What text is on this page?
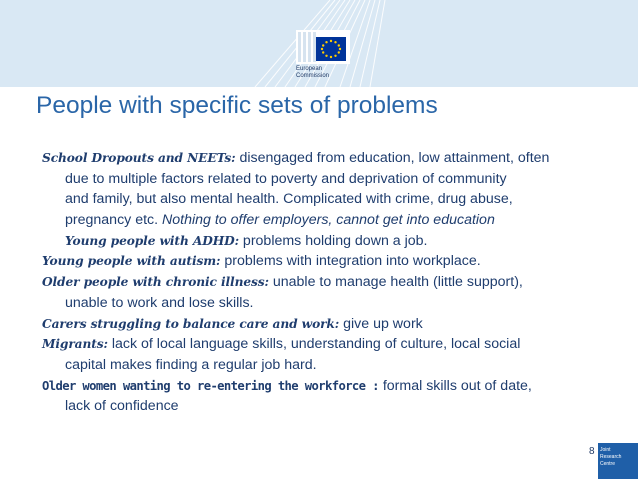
European
Commission
People with specific sets of problems
School Dropouts and NEETs: disengaged from education, low attainment, often
due to multiple factors related to poverty and deprivation of community
and family, but also mental health. Complicated with crime, drug abuse,
pregnancy etc. Nothing to offer employers, cannot get into education
Young people with ADHD: problems holding down a job.
Young people with autism: problems with integration into workplace.
Older people with chronic illness: unable to manage health (little support),
unable to work and lose skills.
Carers struggling to balance care and work: give up work
Migrants: lack of local language skills, understanding of culture, local social
capital makes finding a regular job hard.
Older women wanting to re-entering the workforce : formal skills out of date,
lack of confidence
8 Joint
Research
Centre
